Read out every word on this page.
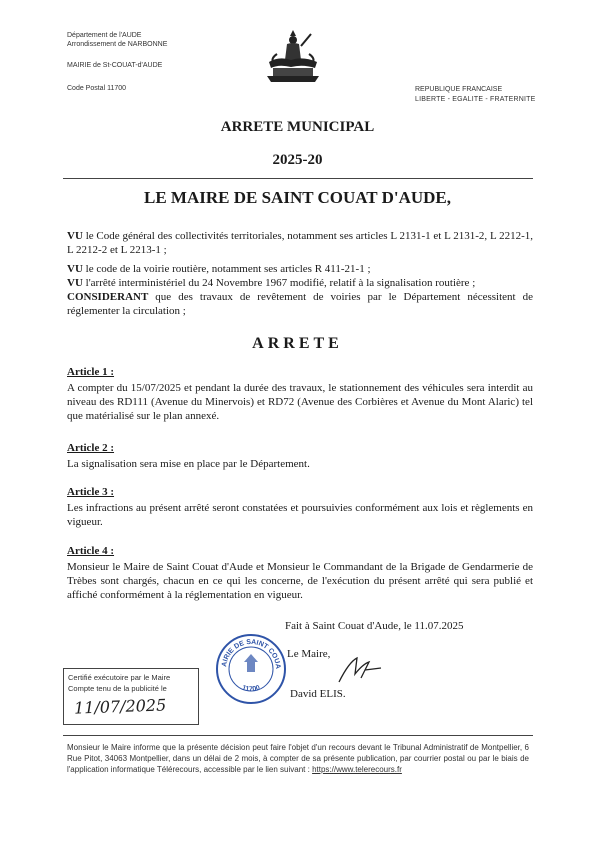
Département de l'AUDE
Arrondissement de NARBONNE
MAIRIE de St-COUAT-d'AUDE
Code Postal 11700	REPUBLIQUE FRANCAISE
LIBERTE - EGALITE - FRATERNITE
ARRETE MUNICIPAL
2025-20
LE MAIRE DE SAINT COUAT D'AUDE,
VU le Code général des collectivités territoriales, notamment ses articles L 2131-1 et L 2131-2, L 2212-1, L 2212-2 et L 2213-1 ;
VU le code de la voirie routière, notamment ses articles R 411-21-1 ;
VU l'arrêté interministériel du 24 Novembre 1967 modifié, relatif à la signalisation routière ;
CONSIDERANT que des travaux de revêtement de voiries par le Département nécessitent de réglementer la circulation ;
ARRETE
Article 1 :
A compter du 15/07/2025 et pendant la durée des travaux, le stationnement des véhicules sera interdit au niveau des RD111 (Avenue du Minervois) et RD72 (Avenue des Corbières et Avenue du Mont Alaric) tel que matérialisé sur le plan annexé.
Article 2 :
La signalisation sera mise en place par le Département.
Article 3 :
Les infractions au présent arrêté seront constatées et poursuivies conformément aux lois et règlements en vigueur.
Article 4 :
Monsieur le Maire de Saint Couat d'Aude et Monsieur le Commandant de la Brigade de Gendarmerie de Trèbes sont chargés, chacun en ce qui les concerne, de l'exécution du présent arrêté qui sera publié et affiché conformément à la réglementation en vigueur.
Fait à Saint Couat d'Aude, le 11.07.2025
Le Maire,
David ELIS.
AIRIE DE SAINT COUA
11700
Certifié exécutoire par le Maire
Compte tenu de la publicité le
11/07/2025
Monsieur le Maire informe que la présente décision peut faire l'objet d'un recours devant le Tribunal Administratif de Montpellier, 6 Rue Pitot, 34063 Montpellier, dans un délai de 2 mois, à compter de sa présente publication, par courrier postal ou par le biais de l'application informatique Télérecours, accessible par le lien suivant : https://www.telerecours.fr
